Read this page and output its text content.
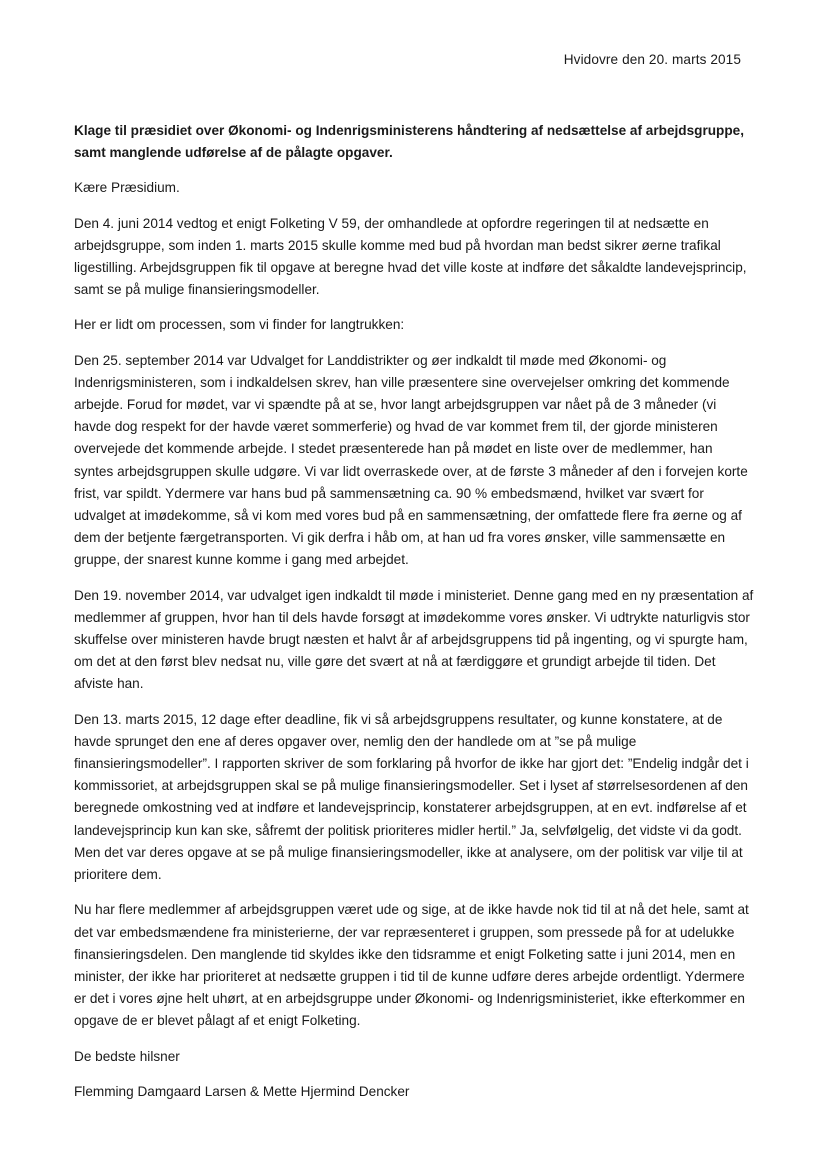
Hvidovre den 20. marts 2015

Klage til præsidiet over Økonomi- og Indenrigsministerens håndtering af nedsættelse af arbejdsgruppe, samt manglende udførelse af de pålagte opgaver.

Kære Præsidium.

Den 4. juni 2014 vedtog et enigt Folketing V 59, der omhandlede at opfordre regeringen til at nedsætte en arbejdsgruppe, som inden 1. marts 2015 skulle komme med bud på hvordan man bedst sikrer øerne trafikal ligestilling. Arbejdsgruppen fik til opgave at beregne hvad det ville koste at indføre det såkaldte landevejsprincip, samt se på mulige finansieringsmodeller.

Her er lidt om processen, som vi finder for langtrukken:

Den 25. september 2014 var Udvalget for Landdistrikter og øer indkaldt til møde med Økonomi- og Indenrigsministeren, som i indkaldelsen skrev, han ville præsentere sine overvejelser omkring det kommende arbejde. Forud for mødet, var vi spændte på at se, hvor langt arbejdsgruppen var nået på de 3 måneder (vi havde dog respekt for der havde været sommerferie) og hvad de var kommet frem til, der gjorde ministeren overvejede det kommende arbejde. I stedet præsenterede han på mødet en liste over de medlemmer, han syntes arbejdsgruppen skulle udgøre. Vi var lidt overraskede over, at de første 3 måneder af den i forvejen korte frist, var spildt. Ydermere var hans bud på sammensætning ca. 90 % embedsmænd, hvilket var svært for udvalget at imødekomme, så vi kom med vores bud på en sammensætning, der omfattede flere fra øerne og af dem der betjente færgetransporten. Vi gik derfra i håb om, at han ud fra vores ønsker, ville sammensætte en gruppe, der snarest kunne komme i gang med arbejdet.

Den 19. november 2014, var udvalget igen indkaldt til møde i ministeriet. Denne gang med en ny præsentation af medlemmer af gruppen, hvor han til dels havde forsøgt at imødekomme vores ønsker. Vi udtrykte naturligvis stor skuffelse over ministeren havde brugt næsten et halvt år af arbejdsgruppens tid på ingenting, og vi spurgte ham, om det at den først blev nedsat nu, ville gøre det svært at nå at færdiggøre et grundigt arbejde til tiden. Det afviste han.

Den 13. marts 2015, 12 dage efter deadline, fik vi så arbejdsgruppens resultater, og kunne konstatere, at de havde sprunget den ene af deres opgaver over, nemlig den der handlede om at ”se på mulige finansieringsmodeller”. I rapporten skriver de som forklaring på hvorfor de ikke har gjort det: ”Endelig indgår det i kommissoriet, at arbejdsgruppen skal se på mulige finansieringsmodeller. Set i lyset af størrelsesordenen af den beregnede omkostning ved at indføre et landevejsprincip, konstaterer arbejdsgruppen, at en evt. indførelse af et landevejsprincip kun kan ske, såfremt der politisk prioriteres midler hertil.” Ja, selvfølgelig, det vidste vi da godt. Men det var deres opgave at se på mulige finansieringsmodeller, ikke at analysere, om der politisk var vilje til at prioritere dem.

Nu har flere medlemmer af arbejdsgruppen været ude og sige, at de ikke havde nok tid til at nå det hele, samt at det var embedsmændene fra ministerierne, der var repræsenteret i gruppen, som pressede på for at udelukke finansieringsdelen. Den manglende tid skyldes ikke den tidsramme et enigt Folketing satte i juni 2014, men en minister, der ikke har prioriteret at nedsætte gruppen i tid til de kunne udføre deres arbejde ordentligt. Ydermere er det i vores øjne helt uhørt, at en arbejdsgruppe under Økonomi- og Indenrigsministeriet, ikke efterkommer en opgave de er blevet pålagt af et enigt Folketing.

De bedste hilsner

Flemming Damgaard Larsen & Mette Hjermind Dencker
